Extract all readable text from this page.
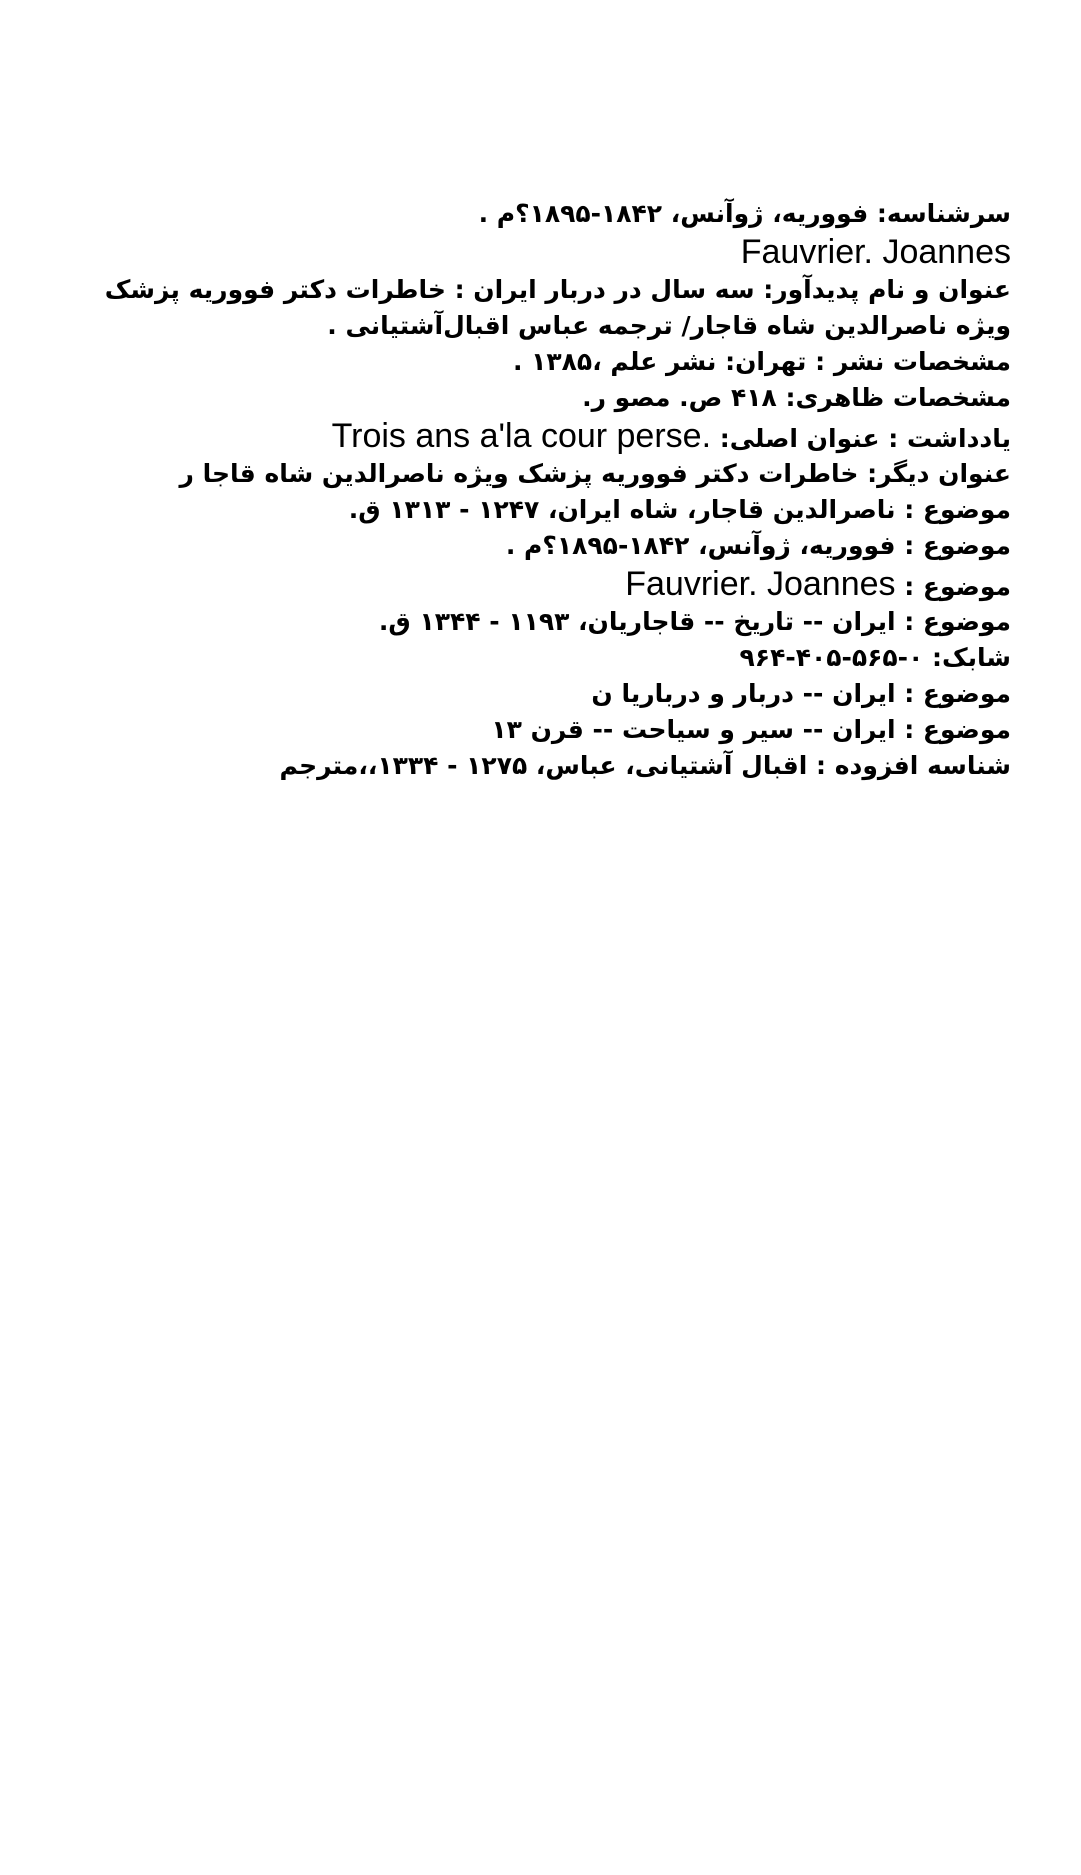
سرشناسه: فووریه، ژوآنس، ۱۸۴۲-۱۸۹۵؟م .
Fauvrier. Joannes
عنوان و نام پدیدآور: سه سال در دربار ایران : خاطرات دکتر فووریه پزشک
ویژه ناصرالدین شاه قاجار/ ترجمه عباس اقبال‌آشتیانی .
مشخصات نشر : تهران: نشر علم ،۱۳۸۵ .
مشخصات ظاهری: ۴۱۸ ص. مصو ر.
یادداشت : عنوان اصلی: Trois ans a'la cour perse.
عنوان دیگر: خاطرات دکتر فووریه پزشک ویژه ناصرالدین شاه قاجا ر
موضوع : ناصرالدین قاجار، شاه ایران، ۱۲۴۷ - ۱۳۱۳ ق.
موضوع : فووریه، ژوآنس، ۱۸۴۲-۱۸۹۵؟م .
موضوع : Fauvrier. Joannes
موضوع : ایران -- تاریخ -- قاجاریان، ۱۱۹۳ - ۱۳۴۴ ق.
شابک: ۰-۵۶۵-۴۰۵-۹۶۴
موضوع : ایران -- دربار و درباریا ن
موضوع : ایران -- سیر و سیاحت -- قرن ۱۳
شناسه افزوده : اقبال آشتیانی، عباس، ۱۲۷۵ - ۱۳۳۴،،مترجم
